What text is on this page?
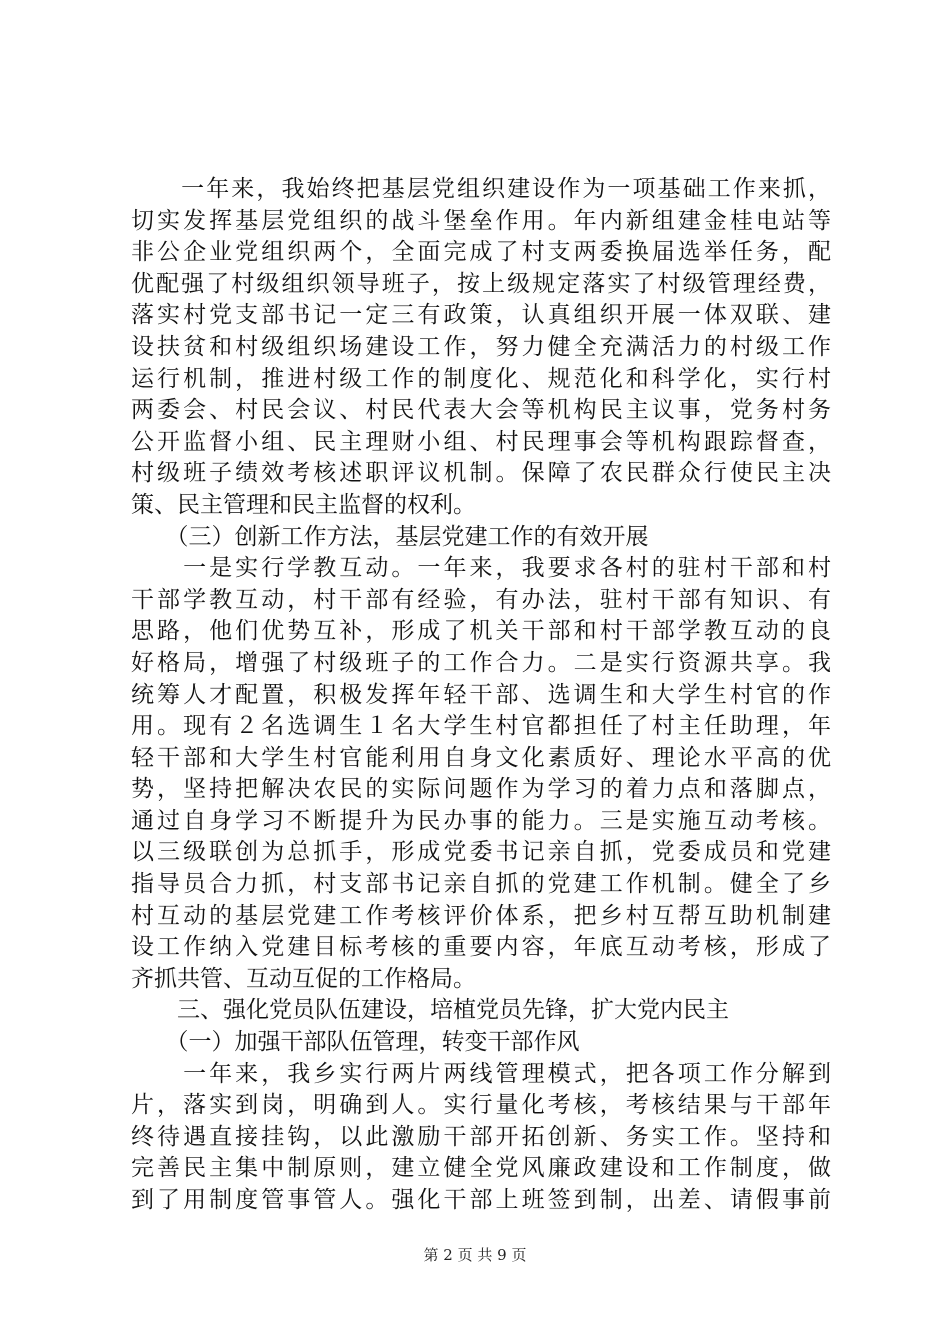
　　一年来，我始终把基层党组织建设作为一项基础工作来抓，
切实发挥基层党组织的战斗堡垒作用。年内新组建金桂电站等
非公企业党组织两个，全面完成了村支两委换届选举任务，配
优配强了村级组织领导班子，按上级规定落实了村级管理经费，
落实村党支部书记一定三有政策，认真组织开展一体双联、建
设扶贫和村级组织场建设工作，努力健全充满活力的村级工作
运行机制，推进村级工作的制度化、规范化和科学化，实行村
两委会、村民会议、村民代表大会等机构民主议事，党务村务
公开监督小组、民主理财小组、村民理事会等机构跟踪督查，
村级班子绩效考核述职评议机制。保障了农民群众行使民主决
策、民主管理和民主监督的权利。
　　（三）创新工作方法，基层党建工作的有效开展
　　一是实行学教互动。一年来，我要求各村的驻村干部和村
干部学教互动，村干部有经验，有办法，驻村干部有知识、有
思路，他们优势互补，形成了机关干部和村干部学教互动的良
好格局，增强了村级班子的工作合力。二是实行资源共享。我
统筹人才配置，积极发挥年轻干部、选调生和大学生村官的作
用。现有２名选调生１名大学生村官都担任了村主任助理，年
轻干部和大学生村官能利用自身文化素质好、理论水平高的优
势，坚持把解决农民的实际问题作为学习的着力点和落脚点，
通过自身学习不断提升为民办事的能力。三是实施互动考核。
以三级联创为总抓手，形成党委书记亲自抓，党委成员和党建
指导员合力抓，村支部书记亲自抓的党建工作机制。健全了乡
村互动的基层党建工作考核评价体系，把乡村互帮互助机制建
设工作纳入党建目标考核的重要内容，年底互动考核，形成了
齐抓共管、互动互促的工作格局。
　　三、强化党员队伍建设，培植党员先锋，扩大党内民主
　　（一）加强干部队伍管理，转变干部作风
　　一年来，我乡实行两片两线管理模式，把各项工作分解到
片，落实到岗，明确到人。实行量化考核，考核结果与干部年
终待遇直接挂钩，以此激励干部开拓创新、务实工作。坚持和
完善民主集中制原则，建立健全党风廉政建设和工作制度，做
到了用制度管事管人。强化干部上班签到制，出差、请假事前
第 2 页 共 9 页
